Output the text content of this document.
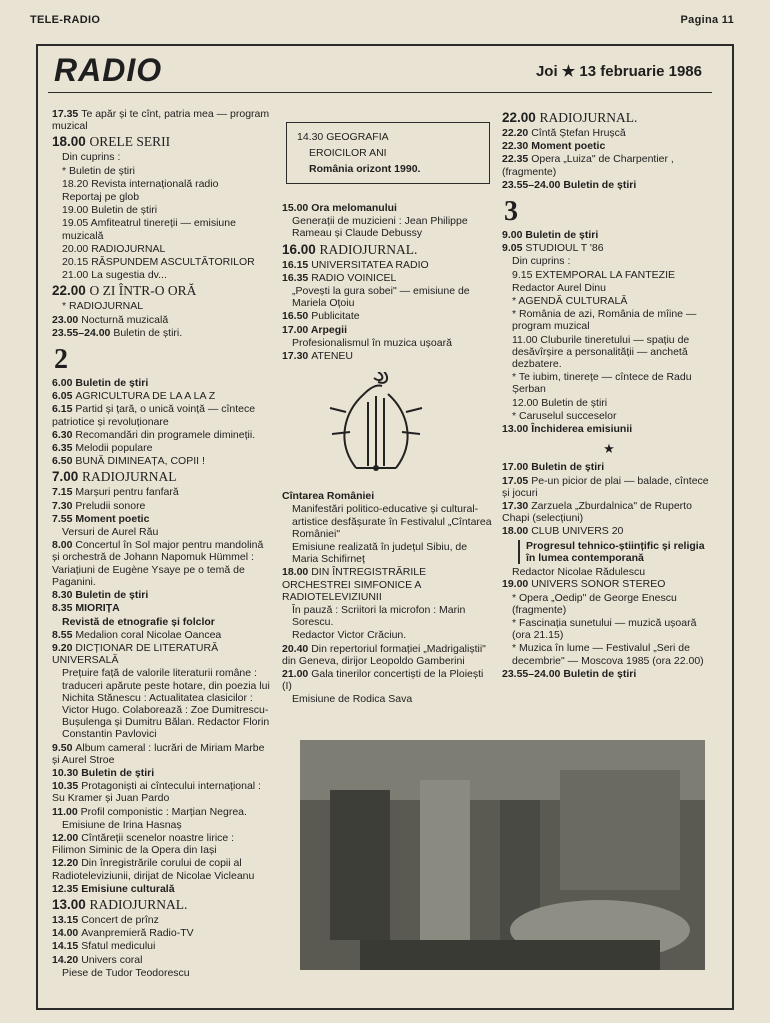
TELE-RADIO	Pagina 11
RADIO	Joi ★ 13 februarie 1986
17.35 Te apăr și te cînt, patria mea — program muzical
18.00 ORELE SERII
Din cuprins :
* Buletin de știri
18.20 Revista internațională radio
Reportaj pe glob
19.00 Buletin de știri
19.05 Amfiteatrul tinereții — emisiune muzicală
20.00 RADIOJURNAL
20.15 RĂSPUNDEM ASCULTĂTORILOR
21.00 La sugestia dv...
22.00 O ZI ÎNTR-O ORĂ
* RADIOJURNAL
23.00 Nocturnă muzicală
23.55–24.00 Buletin de știri.
2
6.00 Buletin de știri
6.05 AGRICULTURA DE LA A LA Z
6.15 Partid și țară, o unică voință — cîntece patriotice și revoluționare
6.30 Recomandări din programele dimineții.
6.35 Melodii populare
6.50 BUNĂ DIMINEAȚA, COPII !
7.00 RADIOJURNAL
7.15 Marșuri pentru fanfară
7.30 Preludii sonore
7.55 Moment poetic
Versuri de Aurel Rău
8.00 Concertul în Sol major pentru mandolină și orchestră de Johann Napomuk Hümmel : Variațiuni de Eugène Ysaye pe o temă de Paganini.
8.30 Buletin de știri
8.35 MIORIȚA
Revistă de etnografie și folclor
8.55 Medalion coral Nicolae Oancea
9.20 DICȚIONAR DE LITERATURĂ UNIVERSALĂ
Prețuire față de valorile literaturii române : traduceri apărute peste hotare, din poezia lui Nichita Stănescu : Actualitatea clasicilor : Victor Hugo. Colaborează : Zoe Dumitrescu-Bușulenga și Dumitru Bălan. Redactor Florin Constantin Pavlovici
9.50 Album cameral : lucrări de Miriam Marbe și Aurel Stroe
10.30 Buletin de știri
10.35 Protagoniști ai cîntecului internațional : Su Kramer și Juan Pardo
11.00 Profil componistic : Marțian Negrea.
Emisiune de Irina Hasnaș
12.00 Cîntăreții scenelor noastre lirice : Filimon Siminic de la Opera din Iași
12.20 Din înregistrările corului de copii al Radioteleviziunii, dirijat de Nicolae Vicleanu
12.35 Emisiune culturală
13.00 RADIOJURNAL.
13.15 Concert de prînz
14.00 Avanpremieră Radio-TV
14.15 Sfatul medicului
14.20 Univers coral
Piese de Tudor Teodorescu
14.30 GEOGRAFIA
EROICILOR ANI
România orizont 1990.
15.00 Ora melomanului
Generații de muzicieni : Jean Philippe Rameau și Claude Debussy
16.00 RADIOJURNAL.
16.15 UNIVERSITATEA RADIO
16.35 RADIO VOINICEL
„Povești la gura sobei" — emisiune de Mariela Oțoiu
16.50 Publicitate
17.00 Arpegii
Profesionalismul în muzica ușoară
17.30 ATENEU
Cîntarea României
Manifestări politico-educative și cultural-artistice desfășurate în Festivalul „Cîntarea României"
Emisiune realizată în județul Sibiu, de Maria Schifirneț
18.00 DIN ÎNTREGISTRĂRILE ORCHESTREI SIMFONICE A RADIOTELEVIZIUNII
În pauză : Scriitori la microfon : Marin Sorescu.
Redactor Victor Crăciun.
20.40 Din repertoriul formației „Madrigaliștii" din Geneva, dirijor Leopoldo Gamberini
21.00 Gala tinerilor concertiști de la Ploiești (I)
Emisiune de Rodica Sava
22.00 RADIOJURNAL.
22.20 Cîntă Ștefan Hrușcă
22.30 Moment poetic
22.35 Opera „Luiza" de Charpentier ,(fragmente)
23.55–24.00 Buletin de știri
3
9.00 Buletin de știri
9.05 STUDIOUL T '86
Din cuprins :
9.15 EXTEMPORAL LA FANTEZIE
Redactor Aurel Dinu
* AGENDĂ CULTURALĂ
* România de azi, România de mîine — program muzical
11.00 Cluburile tineretului — spațiu de desăvîrșire a personalității — anchetă dezbatere.
* Te iubim, tinerețe — cîntece de Radu Șerban
12.00 Buletin de știri
* Caruselul succeselor
13.00 Închiderea emisiunii
★
17.00 Buletin de știri
17.05 Pe-un picior de plai — balade, cîntece și jocuri
17.30 Zarzuela „Zburdalnica" de Ruperto Chapi (selecțiuni)
18.00 CLUB UNIVERS 20
Progresul tehnico-științific și religia în lumea contemporană
Redactor Nicolae Rădulescu
19.00 UNIVERS SONOR STEREO
* Opera „Oedip" de George Enescu (fragmente)
* Fascinația sunetului — muzică ușoară (ora 21.15)
* Muzica în lume — Festivalul „Seri de decembrie" — Moscova 1985 (ora 22.00)
23.55–24.00 Buletin de știri
